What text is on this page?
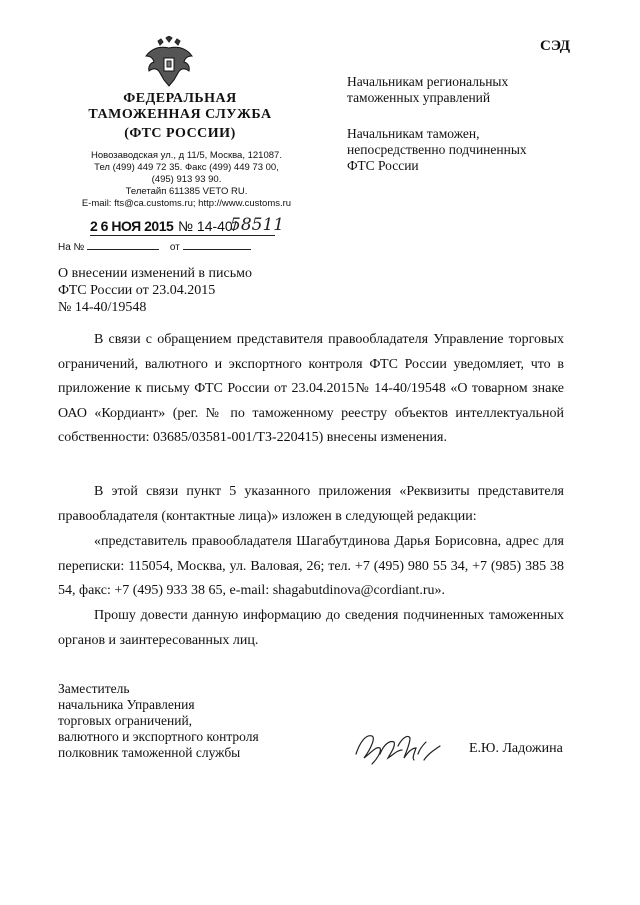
СЭД
ФЕДЕРАЛЬНАЯ
ТАМОЖЕННАЯ СЛУЖБА
(ФТС РОССИИ)
Новозаводская ул., д 11/5, Москва, 121087.
Тел (499) 449 72 35. Факс (499) 449 73 00,
(495) 913 93 90.
Телетайп 611385 VETO RU.
E-mail: fts@ca.customs.ru; http://www.customs.ru
2 6 НОЯ 2015 № 14-40/
58511
На №	от
Начальникам региональных
таможенных управлений
Начальникам таможен,
непосредственно подчиненных
ФТС России
О внесении изменений в письмо
ФТС России от 23.04.2015
№ 14-40/19548
В связи с обращением представителя правообладателя Управление торговых ограничений, валютного и экспортного контроля ФТС России уведомляет, что в приложение к письму ФТС России от 23.04.2015№ 14-40/19548 «О товарном знаке ОАО «Кордиант» (рег. № по таможенному реестру объектов интеллектуальной собственности: 03685/03581-001/ТЗ-220415) внесены изменения.
В этой связи пункт 5 указанного приложения «Реквизиты представителя правообладателя (контактные лица)» изложен в следующей редакции:
«представитель правообладателя Шагабутдинова Дарья Борисовна, адрес для переписки: 115054, Москва, ул. Валовая, 26; тел. +7 (495) 980 55 34, +7 (985) 385 38 54, факс: +7 (495) 933 38 65, e-mail: shagabutdinova@cordiant.ru».
Прошу довести данную информацию до сведения подчиненных таможенных органов и заинтересованных лиц.
Заместитель
начальника Управления
торговых ограничений,
валютного и экспортного контроля
полковник таможенной службы	Е.Ю. Ладожина
